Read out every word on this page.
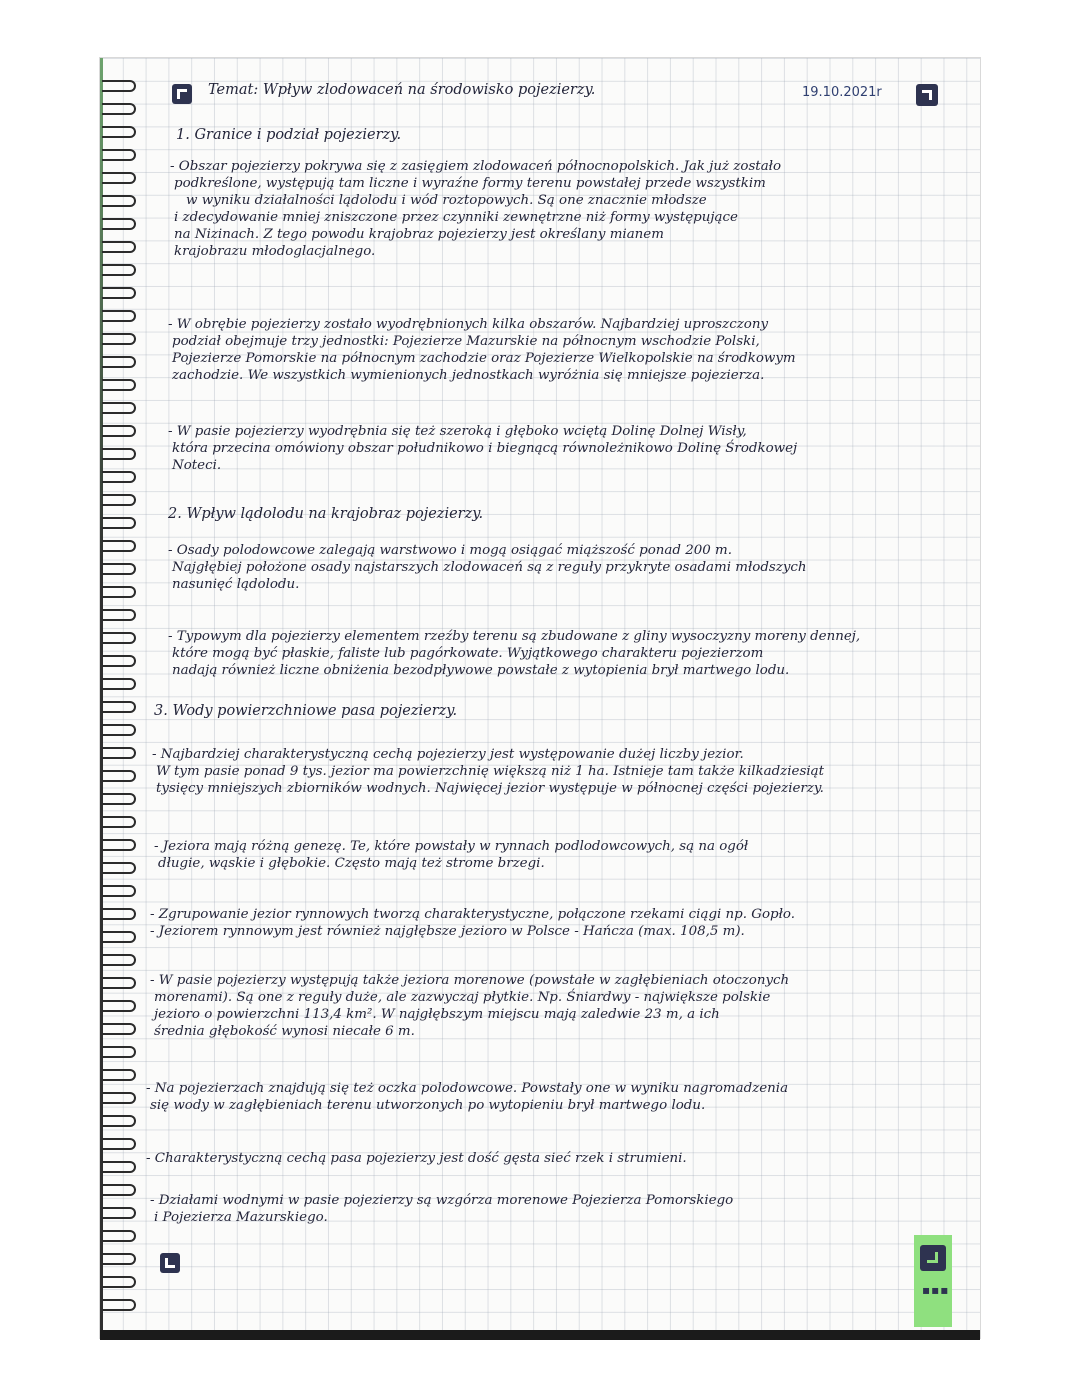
▪▪▪
Temat: Wpływ zlodowaceń na środowisko pojezierzy.	19.10.2021r
1. Granice i podział pojezierzy.
- Obszar pojezierzy pokrywa się z zasięgiem zlodowaceń północnopolskich. Jak już zostało
podkreślone, występują tam liczne i wyraźne formy terenu powstałej przede wszystkim
w wyniku działalności lądolodu i wód roztopowych. Są one znacznie młodsze
i zdecydowanie mniej zniszczone przez czynniki zewnętrzne niż formy występujące
na Nizinach. Z tego powodu krajobraz pojezierzy jest określany mianem
krajobrazu młodoglacjalnego.
- W obrębie pojezierzy zostało wyodrębnionych kilka obszarów. Najbardziej uproszczony
podział obejmuje trzy jednostki: Pojezierze Mazurskie na północnym wschodzie Polski,
Pojezierze Pomorskie na północnym zachodzie oraz Pojezierze Wielkopolskie na środkowym
zachodzie. We wszystkich wymienionych jednostkach wyróżnia się mniejsze pojezierza.
- W pasie pojezierzy wyodrębnia się też szeroką i głęboko wciętą Dolinę Dolnej Wisły,
która przecina omówiony obszar południkowo i biegnącą równoleżnikowo Dolinę Środkowej
Noteci.
2. Wpływ lądolodu na krajobraz pojezierzy.
- Osady polodowcowe zalegają warstwowo i mogą osiągać miąższość ponad 200 m.
Najgłębiej położone osady najstarszych zlodowaceń są z reguły przykryte osadami młodszych
nasunięć lądolodu.
- Typowym dla pojezierzy elementem rzeźby terenu są zbudowane z gliny wysoczyzny moreny dennej,
które mogą być płaskie, faliste lub pagórkowate. Wyjątkowego charakteru pojezierzom
nadają również liczne obniżenia bezodpływowe powstałe z wytopienia brył martwego lodu.
3. Wody powierzchniowe pasa pojezierzy.
- Najbardziej charakterystyczną cechą pojezierzy jest występowanie dużej liczby jezior.
W tym pasie ponad 9 tys. jezior ma powierzchnię większą niż 1 ha. Istnieje tam także kilkadziesiąt
tysięcy mniejszych zbiorników wodnych. Najwięcej jezior występuje w północnej części pojezierzy.
- Jeziora mają różną genezę. Te, które powstały w rynnach podlodowcowych, są na ogół
długie, wąskie i głębokie. Często mają też strome brzegi.
- Zgrupowanie jezior rynnowych tworzą charakterystyczne, połączone rzekami ciągi np. Gopło.
- Jeziorem rynnowym jest również najgłębsze jezioro w Polsce - Hańcza (max. 108,5 m).
- W pasie pojezierzy występują także jeziora morenowe (powstałe w zagłębieniach otoczonych
morenami). Są one z reguły duże, ale zazwyczaj płytkie. Np. Śniardwy - największe polskie
jezioro o powierzchni 113,4 km². W najgłębszym miejscu mają zaledwie 23 m, a ich
średnia głębokość wynosi niecałe 6 m.
- Na pojezierzach znajdują się też oczka polodowcowe. Powstały one w wyniku nagromadzenia
się wody w zagłębieniach terenu utworzonych po wytopieniu brył martwego lodu.
- Charakterystyczną cechą pasa pojezierzy jest dość gęsta sieć rzek i strumieni.
- Działami wodnymi w pasie pojezierzy są wzgórza morenowe Pojezierza Pomorskiego
i Pojezierza Mazurskiego.
